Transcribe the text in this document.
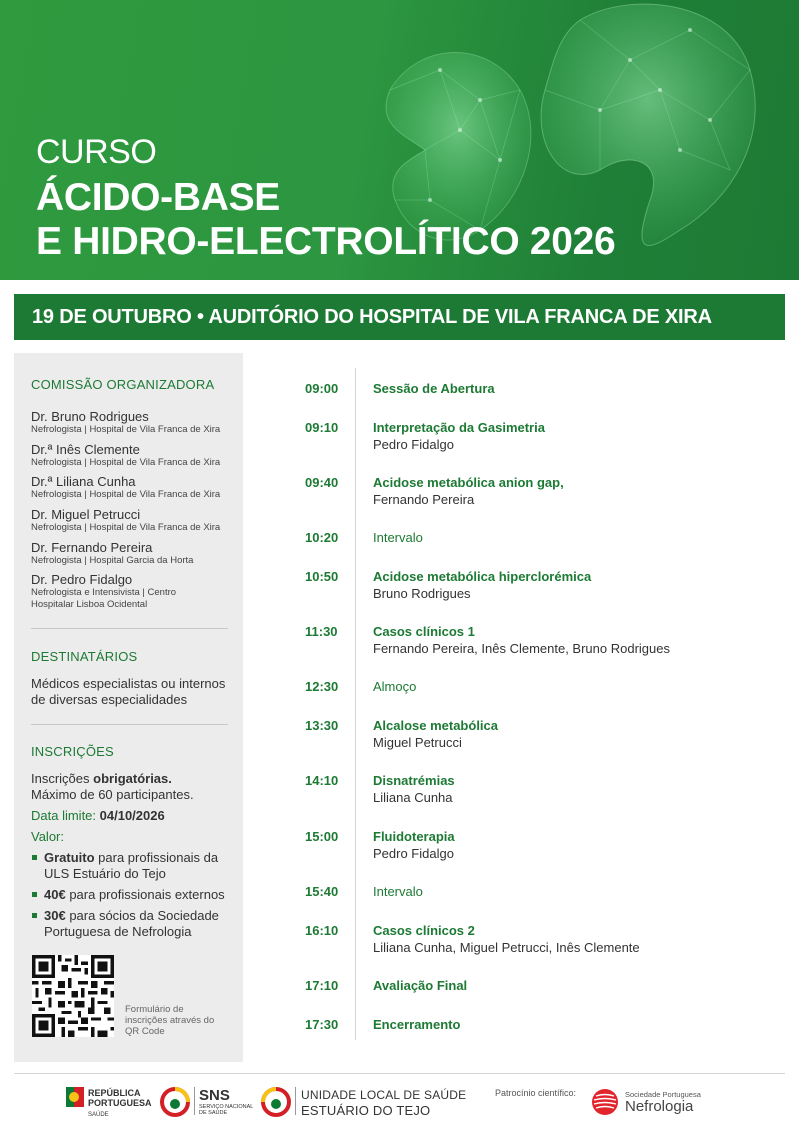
CURSO
ÁCIDO-BASE
E HIDRO-ELECTROLÍTICO 2026
19 DE OUTUBRO • AUDITÓRIO DO HOSPITAL DE VILA FRANCA DE XIRA
COMISSÃO ORGANIZADORA
Dr. Bruno Rodrigues
Nefrologista | Hospital de Vila Franca de Xira
Dr.ª Inês Clemente
Nefrologista | Hospital de Vila Franca de Xira
Dr.ª Liliana Cunha
Nefrologista | Hospital de Vila Franca de Xira
Dr. Miguel Petrucci
Nefrologista | Hospital de Vila Franca de Xira
Dr. Fernando Pereira
Nefrologista | Hospital Garcia da Horta
Dr. Pedro Fidalgo
Nefrologista e Intensivista | Centro Hospitalar Lisboa Ocidental
DESTINATÁRIOS
Médicos especialistas ou internos de diversas especialidades
INSCRIÇÕES
Inscrições obrigatórias.
Máximo de 60 participantes.
Data limite: 04/10/2026
Valor:
Gratuito para profissionais da ULS Estuário do Tejo
40€ para profissionais externos
30€ para sócios da Sociedade Portuguesa de Nefrologia
Formulário de inscrições através do QR Code
09:00	Sessão de Abertura
09:10	Interpretação da Gasimetria
Pedro Fidalgo
09:40	Acidose metabólica anion gap,
Fernando Pereira
10:20	Intervalo
10:50	Acidose metabólica hiperclorémica
Bruno Rodrigues
11:30	Casos clínicos 1
Fernando Pereira, Inês Clemente, Bruno Rodrigues
12:30	Almoço
13:30	Alcalose metabólica
Miguel Petrucci
14:10	Disnatrémias
Liliana Cunha
15:00	Fluidoterapia
Pedro Fidalgo
15:40	Intervalo
16:10	Casos clínicos 2
Liliana Cunha, Miguel Petrucci, Inês Clemente
17:10	Avaliação Final
17:30	Encerramento
REPÚBLICA
PORTUGUESA
SAÚDE
SNS
SERVIÇO NACIONAL
DE SAÚDE
UNIDADE LOCAL DE SAÚDE
ESTUÁRIO DO TEJO
Patrocínio científico:	Sociedade Portuguesa
Nefrologia
